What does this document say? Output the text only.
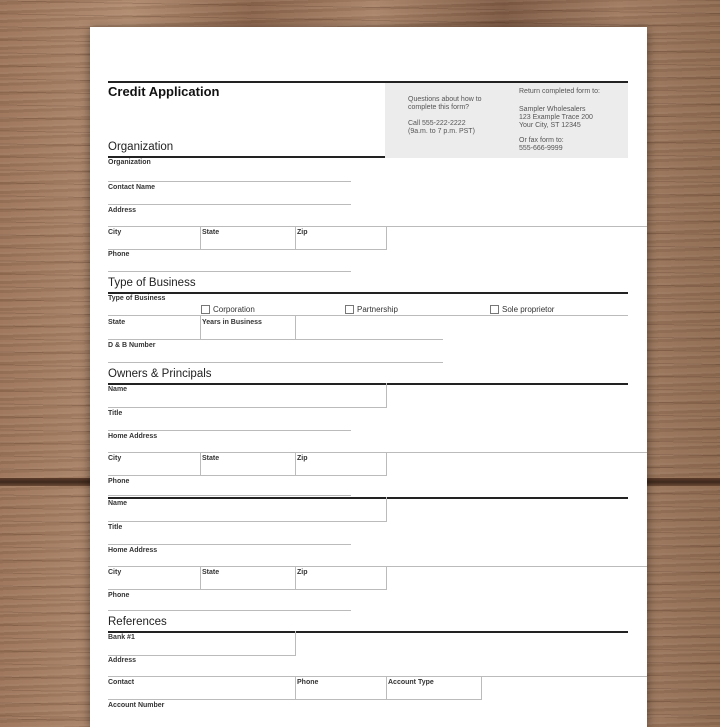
Credit Application
Questions about how to
complete this form?
Call 555-222-2222
(9a.m. to 7 p.m. PST)
Return completed form to:
Sampler Wholesalers
123 Example Trace 200
Your City, ST 12345
Or fax form to:
555-666-9999
Organization
Organization
Contact Name
Address
City	State	Zip
Phone
Type of Business
Type of Business
Corporation	Partnership	Sole proprietor
State	Years in Business
D & B Number
Owners & Principals
Name
Title
Home Address
City	State	Zip
Phone
Name
Title
Home Address
City	State	Zip
Phone
References
Bank #1
Address
Contact	Phone	Account Type
Account Number
